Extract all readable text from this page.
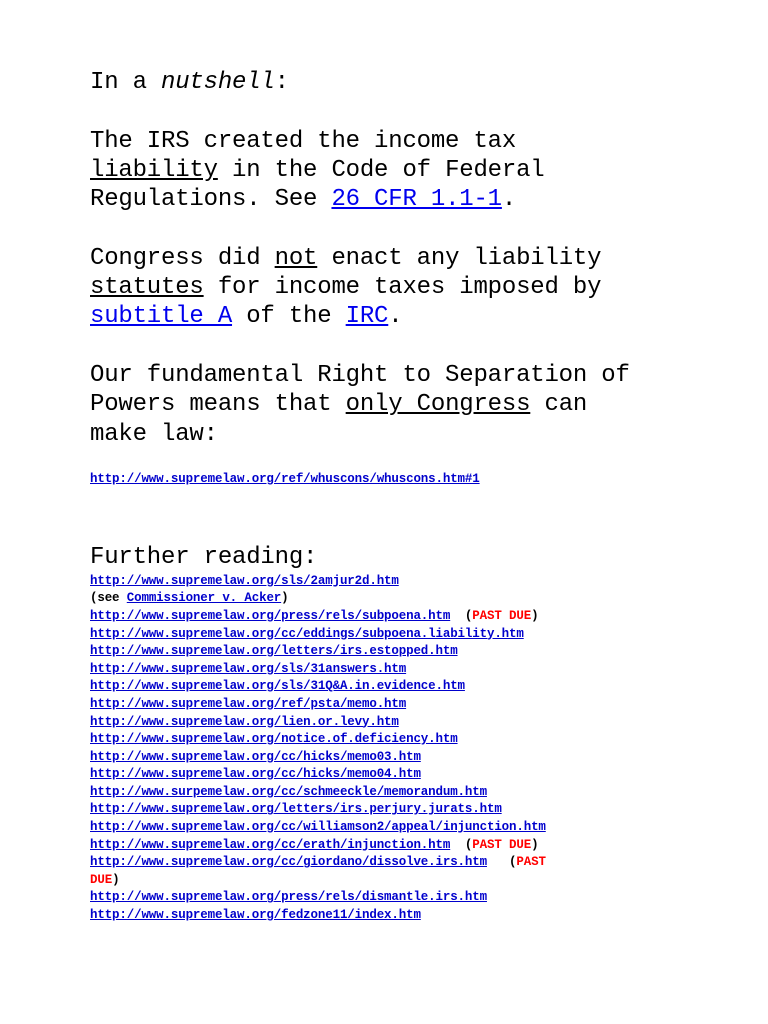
In a nutshell:

The IRS created the income tax
liability in the Code of Federal
Regulations. See 26 CFR 1.1-1.
Congress did not enact any liability
statutes for income taxes imposed by
subtitle A of the IRC.
Our fundamental Right to Separation of
Powers means that only Congress can
make law:
http://www.supremelaw.org/ref/whuscons/whuscons.htm#1
Further reading:
http://www.supremelaw.org/sls/2amjur2d.htm
(see Commissioner v. Acker)
http://www.supremelaw.org/press/rels/subpoena.htm (PAST DUE)
http://www.supremelaw.org/cc/eddings/subpoena.liability.htm
http://www.supremelaw.org/letters/irs.estopped.htm
http://www.supremelaw.org/sls/31answers.htm
http://www.supremelaw.org/sls/31Q&A.in.evidence.htm
http://www.supremelaw.org/ref/psta/memo.htm
http://www.supremelaw.org/lien.or.levy.htm
http://www.supremelaw.org/notice.of.deficiency.htm
http://www.supremelaw.org/cc/hicks/memo03.htm
http://www.supremelaw.org/cc/hicks/memo04.htm
http://www.surpemelaw.org/cc/schmeeckle/memorandum.htm
http://www.supremelaw.org/letters/irs.perjury.jurats.htm
http://www.supremelaw.org/cc/williamson2/appeal/injunction.htm
http://www.supremelaw.org/cc/erath/injunction.htm (PAST DUE)
http://www.supremelaw.org/cc/giordano/dissolve.irs.htm (PAST
DUE)
http://www.supremelaw.org/press/rels/dismantle.irs.htm
http://www.supremelaw.org/fedzone11/index.htm
